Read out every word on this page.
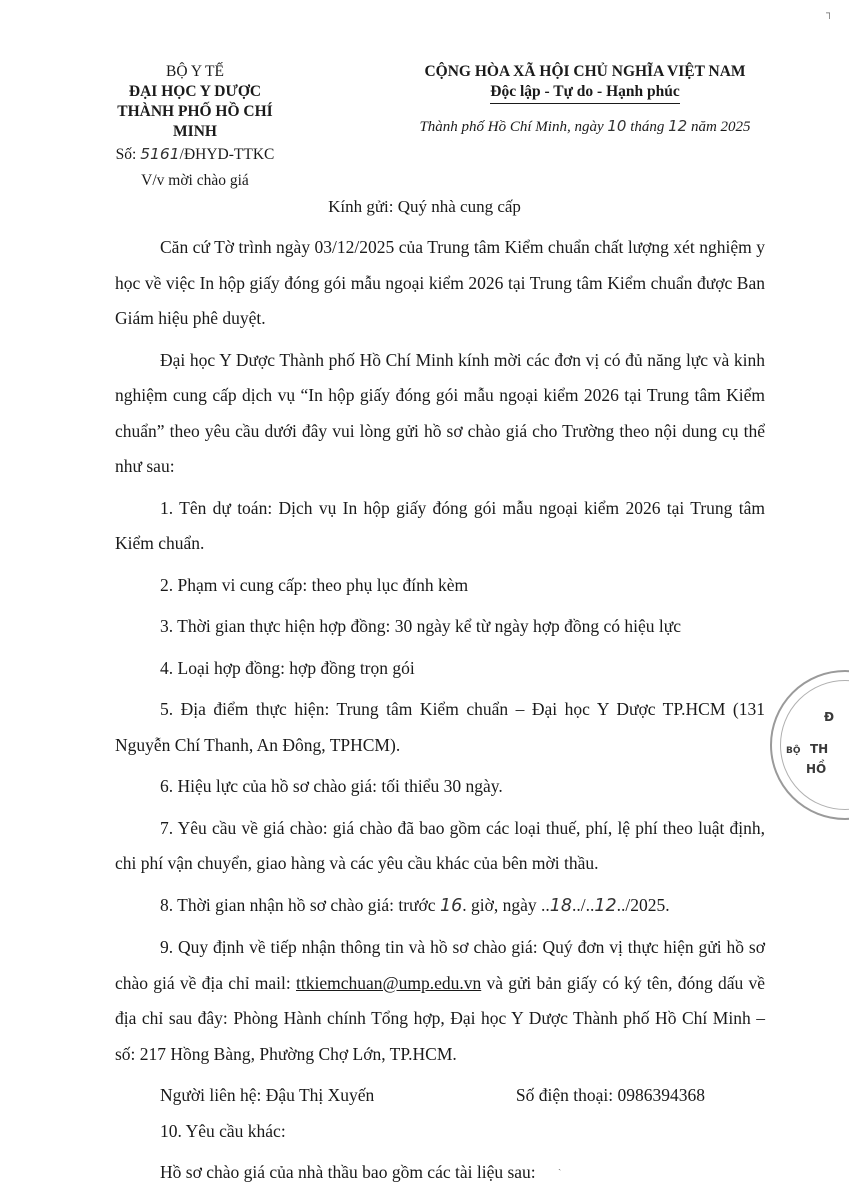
BỘ Y TẾ
ĐẠI HỌC Y DƯỢC
THÀNH PHỐ HỒ CHÍ MINH
Số: 5161/ĐHYD-TTKC
V/v mời chào giá
CỘNG HÒA XÃ HỘI CHỦ NGHĨA VIỆT NAM
Độc lập - Tự do - Hạnh phúc
Thành phố Hồ Chí Minh, ngày 10 tháng 12 năm 2025
Kính gửi: Quý nhà cung cấp

Căn cứ Tờ trình ngày 03/12/2025 của Trung tâm Kiểm chuẩn chất lượng xét nghiệm y học về việc In hộp giấy đóng gói mẫu ngoại kiểm 2026 tại Trung tâm Kiểm chuẩn được Ban Giám hiệu phê duyệt.

Đại học Y Dược Thành phố Hồ Chí Minh kính mời các đơn vị có đủ năng lực và kinh nghiệm cung cấp dịch vụ “In hộp giấy đóng gói mẫu ngoại kiểm 2026 tại Trung tâm Kiểm chuẩn” theo yêu cầu dưới đây vui lòng gửi hồ sơ chào giá cho Trường theo nội dung cụ thể như sau:

1. Tên dự toán: Dịch vụ In hộp giấy đóng gói mẫu ngoại kiểm 2026 tại Trung tâm Kiểm chuẩn.

2. Phạm vi cung cấp: theo phụ lục đính kèm

3. Thời gian thực hiện hợp đồng: 30 ngày kể từ ngày hợp đồng có hiệu lực

4. Loại hợp đồng: hợp đồng trọn gói

5. Địa điểm thực hiện: Trung tâm Kiểm chuẩn – Đại học Y Dược TP.HCM (131 Nguyễn Chí Thanh, An Đông, TPHCM).

6. Hiệu lực của hồ sơ chào giá: tối thiểu 30 ngày.

7. Yêu cầu về giá chào: giá chào đã bao gồm các loại thuế, phí, lệ phí theo luật định, chi phí vận chuyển, giao hàng và các yêu cầu khác của bên mời thầu.

8. Thời gian nhận hồ sơ chào giá: trước 16. giờ, ngày ..18../..12../2025.

9. Quy định về tiếp nhận thông tin và hồ sơ chào giá: Quý đơn vị thực hiện gửi hồ sơ chào giá về địa chỉ mail: ttkiemchuan@ump.edu.vn và gửi bản giấy có ký tên, đóng dấu về địa chỉ sau đây: Phòng Hành chính Tổng hợp, Đại học Y Dược Thành phố Hồ Chí Minh – số: 217 Hồng Bàng, Phường Chợ Lớn, TP.HCM.

Người liên hệ: Đậu Thị Xuyến	Số điện thoại: 0986394368

10. Yêu cầu khác:

Hồ sơ chào giá của nhà thầu bao gồm các tài liệu sau:

Đ
TH
HỒ
BỘ
┐
ˎ
